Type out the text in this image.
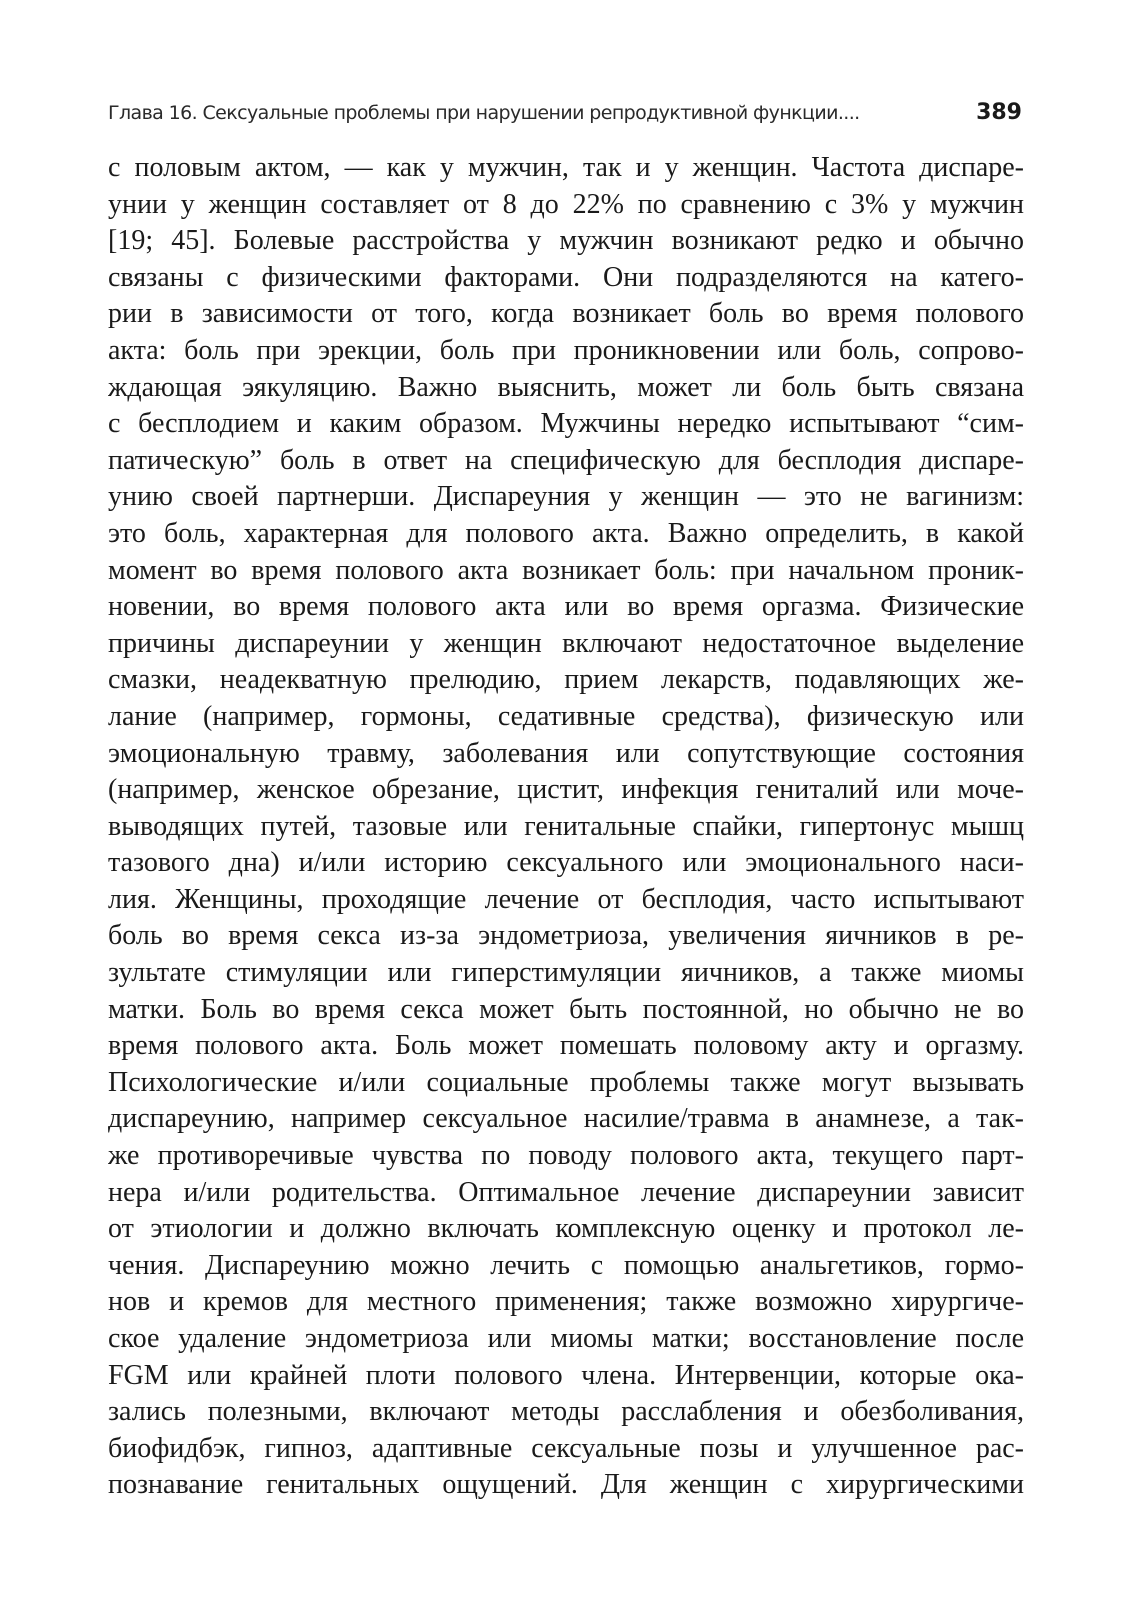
Глава 16. Сексуальные проблемы при нарушении репродуктивной функции....	389
с половым актом, — как у мужчин, так и у женщин. Частота диспаре-
унии у женщин составляет от 8 до 22% по сравнению с 3% у мужчин
[19; 45]. Болевые расстройства у мужчин возникают редко и обычно
связаны с физическими факторами. Они подразделяются на катего-
рии в зависимости от того, когда возникает боль во время полового
акта: боль при эрекции, боль при проникновении или боль, сопрово-
ждающая эякуляцию. Важно выяснить, может ли боль быть связана
с бесплодием и каким образом. Мужчины нередко испытывают “сим-
патическую” боль в ответ на специфическую для бесплодия диспаре-
унию своей партнерши. Диспареуния у женщин — это не вагинизм:
это боль, характерная для полового акта. Важно определить, в какой
момент во время полового акта возникает боль: при начальном проник-
новении, во время полового акта или во время оргазма. Физические
причины диспареунии у женщин включают недостаточное выделение
смазки, неадекватную прелюдию, прием лекарств, подавляющих же-
лание (например, гормоны, седативные средства), физическую или
эмоциональную травму, заболевания или сопутствующие состояния
(например, женское обрезание, цистит, инфекция гениталий или моче-
выводящих путей, тазовые или генитальные спайки, гипертонус мышц
тазового дна) и/или историю сексуального или эмоционального наси-
лия. Женщины, проходящие лечение от бесплодия, часто испытывают
боль во время секса из-за эндометриоза, увеличения яичников в ре-
зультате стимуляции или гиперстимуляции яичников, а также миомы
матки. Боль во время секса может быть постоянной, но обычно не во
время полового акта. Боль может помешать половому акту и оргазму.
Психологические и/или социальные проблемы также могут вызывать
диспареунию, например сексуальное насилие/травма в анамнезе, а так-
же противоречивые чувства по поводу полового акта, текущего парт-
нера и/или родительства. Оптимальное лечение диспареунии зависит
от этиологии и должно включать комплексную оценку и протокол ле-
чения. Диспареунию можно лечить с помощью анальгетиков, гормо-
нов и кремов для местного применения; также возможно хирургиче-
ское удаление эндометриоза или миомы матки; восстановление после
FGM или крайней плоти полового члена. Интервенции, которые ока-
зались полезными, включают методы расслабления и обезболивания,
биофидбэк, гипноз, адаптивные сексуальные позы и улучшенное рас-
познавание генитальных ощущений. Для женщин с хирургическими
